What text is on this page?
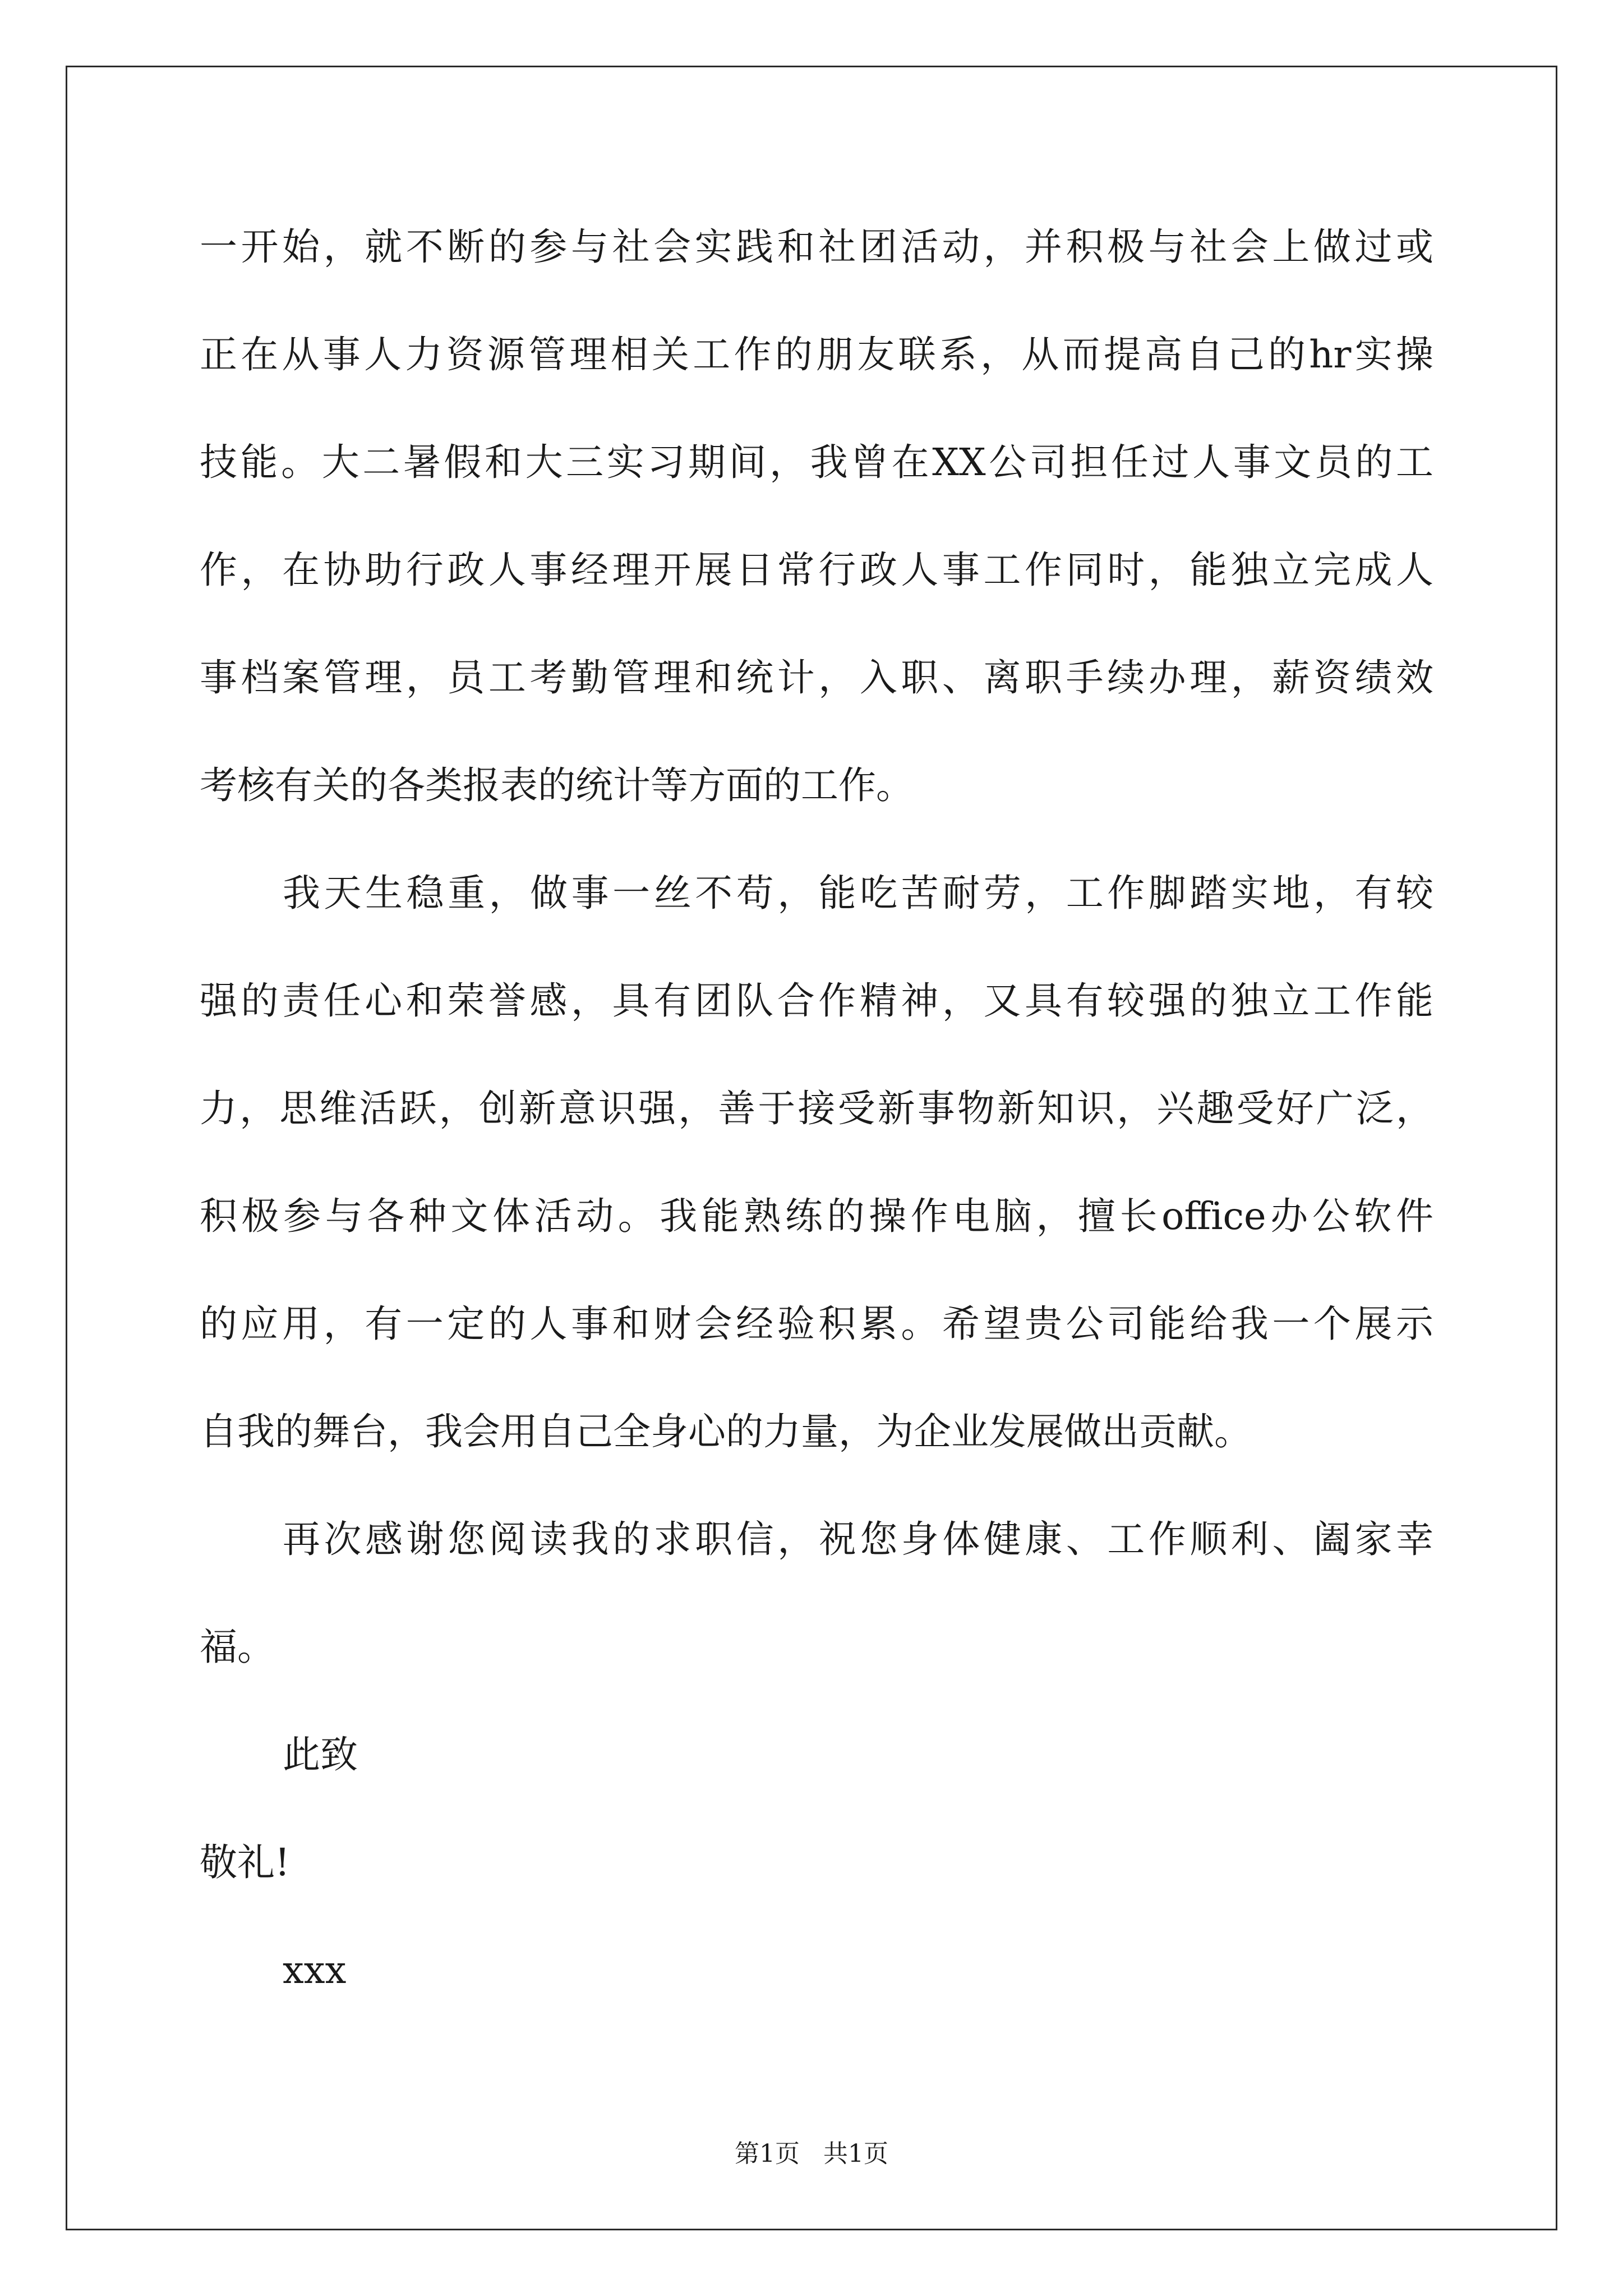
一开始，就不断的参与社会实践和社团活动，并积极与社会上做过或
正在从事人力资源管理相关工作的朋友联系，从而提高自己的hr实操
技能。大二暑假和大三实习期间，我曾在XX公司担任过人事文员的工
作，在协助行政人事经理开展日常行政人事工作同时，能独立完成人
事档案管理，员工考勤管理和统计，入职、离职手续办理，薪资绩效
考核有关的各类报表的统计等方面的工作。
我天生稳重，做事一丝不苟，能吃苦耐劳，工作脚踏实地，有较
强的责任心和荣誉感，具有团队合作精神，又具有较强的独立工作能
力，思维活跃，创新意识强，善于接受新事物新知识，兴趣受好广泛，
积极参与各种文体活动。我能熟练的操作电脑，擅长office办公软件
的应用，有一定的人事和财会经验积累。希望贵公司能给我一个展示
自我的舞台，我会用自己全身心的力量，为企业发展做出贡献。
再次感谢您阅读我的求职信，祝您身体健康、工作顺利、阖家幸
福。
此致
敬礼!
xxx
第1页   共1页
